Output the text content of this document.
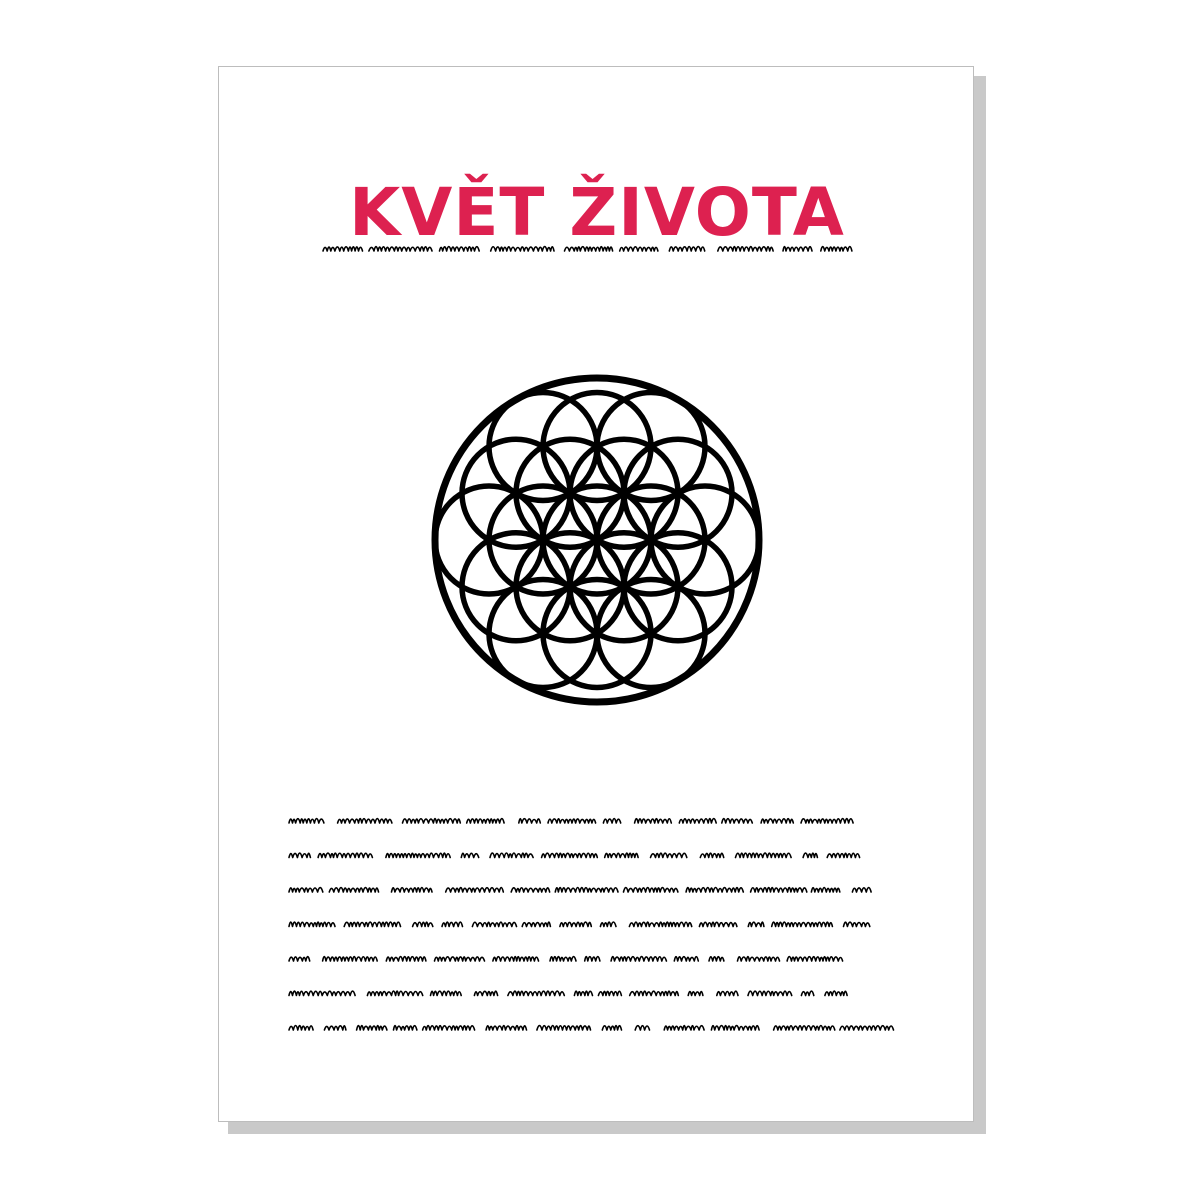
KVĚT ŽIVOTA
